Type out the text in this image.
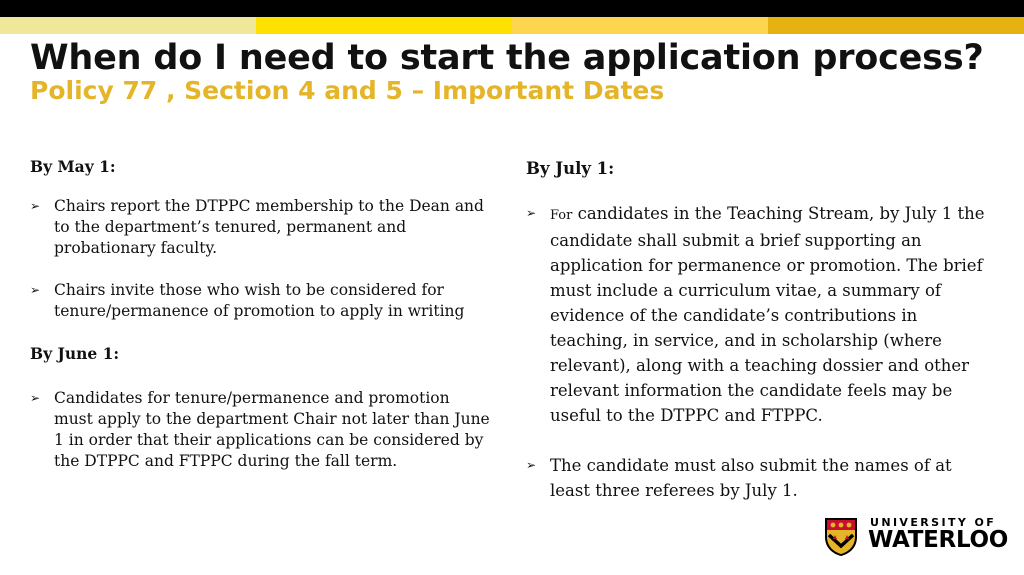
When do I need to start the application process?
Policy 77 , Section 4 and 5 – Important Dates

By May 1:

➢ Chairs report the DTPPC membership to the Dean and to the department’s tenured, permanent and probationary faculty.
➢ Chairs invite those who wish to be considered for tenure/permanence of promotion to apply in writing

By June 1:

➢ Candidates for tenure/permanence and promotion must apply to the department Chair not later than June 1 in order that their applications can be considered by the DTPPC and FTPPC during the fall term.

By July 1:

➢ For candidates in the Teaching Stream, by July 1 the candidate shall submit a brief supporting an application for permanence or promotion. The brief must include a curriculum vitae, a summary of evidence of the candidate’s contributions in teaching, in service, and in scholarship (where relevant), along with a teaching dossier and other relevant information the candidate feels may be useful to the DTPPC and FTPPC.
➢ The candidate must also submit the names of at least three referees by July 1.
UNIVERSITY OF
WATERLOO
